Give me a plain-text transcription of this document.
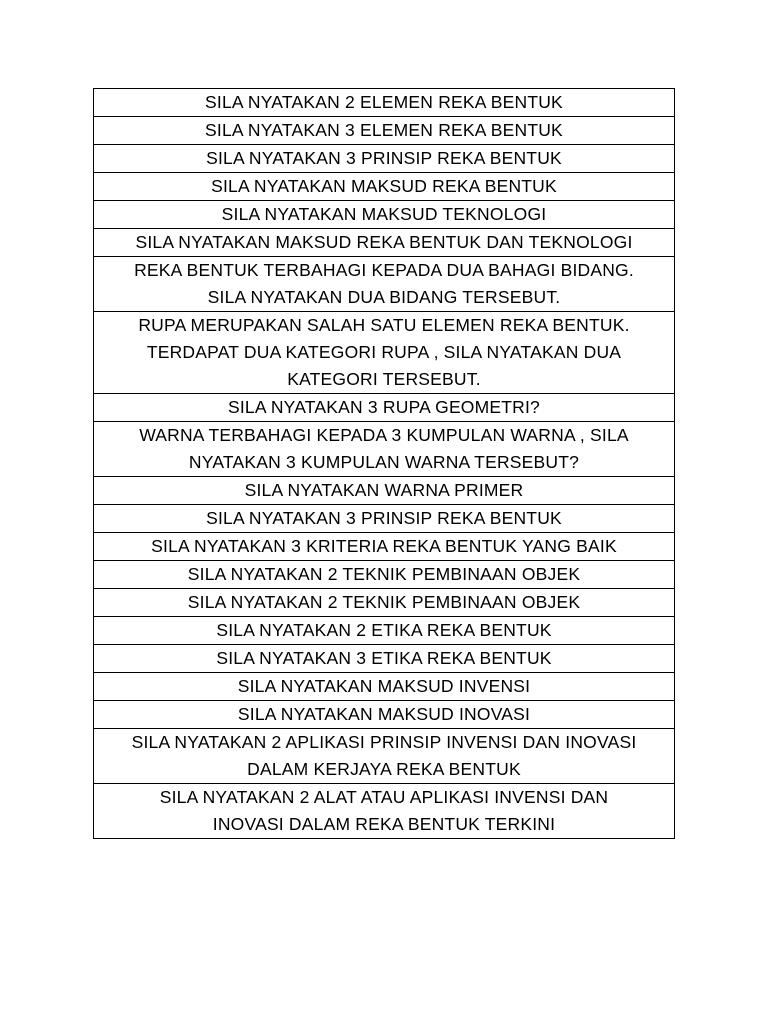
SILA NYATAKAN 2 ELEMEN REKA BENTUK
SILA NYATAKAN 3 ELEMEN REKA BENTUK
SILA NYATAKAN 3 PRINSIP REKA BENTUK
SILA NYATAKAN MAKSUD REKA BENTUK
SILA NYATAKAN MAKSUD TEKNOLOGI
SILA NYATAKAN MAKSUD REKA BENTUK DAN TEKNOLOGI
REKA BENTUK TERBAHAGI KEPADA DUA BAHAGI BIDANG.
SILA NYATAKAN DUA BIDANG TERSEBUT.
RUPA MERUPAKAN SALAH SATU ELEMEN REKA BENTUK.
TERDAPAT DUA KATEGORI RUPA , SILA NYATAKAN DUA
KATEGORI TERSEBUT.
SILA NYATAKAN 3 RUPA GEOMETRI?
WARNA TERBAHAGI KEPADA 3 KUMPULAN WARNA , SILA
NYATAKAN 3 KUMPULAN WARNA TERSEBUT?
SILA NYATAKAN WARNA PRIMER
SILA NYATAKAN 3 PRINSIP REKA BENTUK
SILA NYATAKAN 3 KRITERIA REKA BENTUK YANG BAIK
SILA NYATAKAN 2 TEKNIK PEMBINAAN OBJEK
SILA NYATAKAN 2 TEKNIK PEMBINAAN OBJEK
SILA NYATAKAN 2 ETIKA REKA BENTUK
SILA NYATAKAN 3 ETIKA REKA BENTUK
SILA NYATAKAN MAKSUD INVENSI
SILA NYATAKAN MAKSUD INOVASI
SILA NYATAKAN 2 APLIKASI PRINSIP INVENSI DAN INOVASI
DALAM KERJAYA REKA BENTUK
SILA NYATAKAN 2 ALAT ATAU APLIKASI INVENSI DAN
INOVASI DALAM REKA BENTUK TERKINI
